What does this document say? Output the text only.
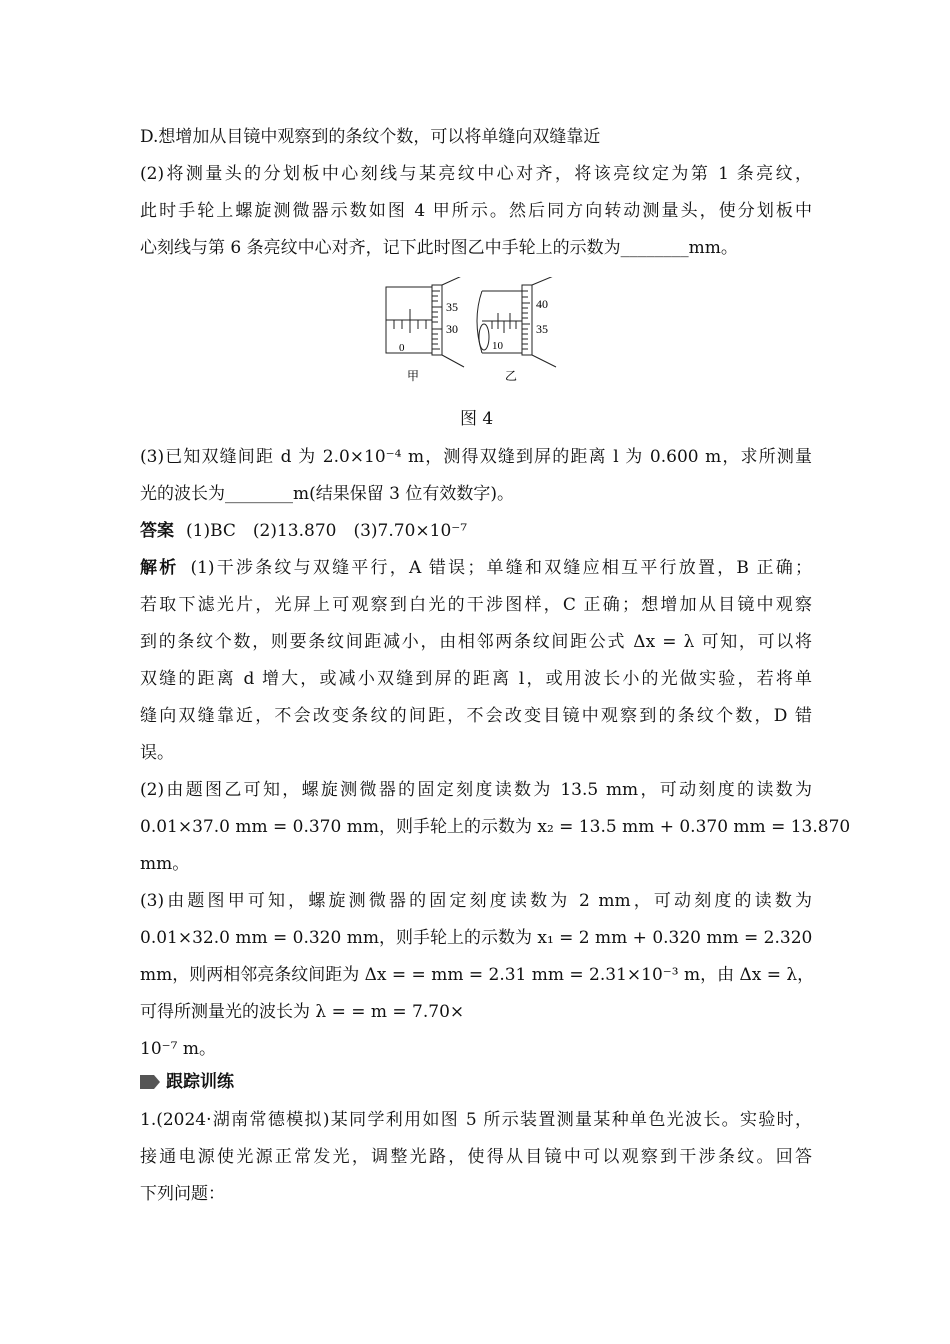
D.想增加从目镜中观察到的条纹个数，可以将单缝向双缝靠近
(2)将测量头的分划板中心刻线与某亮纹中心对齐，将该亮纹定为第 1 条亮纹，
此时手轮上螺旋测微器示数如图 4 甲所示。然后同方向转动测量头，使分划板中
心刻线与第 6 条亮纹中心对齐，记下此时图乙中手轮上的示数为________mm。
35
30
0
甲
40
35
10
乙
图 4
(3)已知双缝间距 d 为 2.0×10⁻⁴ m，测得双缝到屏的距离 l 为 0.600 m，求所测量
光的波长为________m(结果保留 3 位有效数字)。
答案 (1)BC　(2)13.870　(3)7.70×10⁻⁷
解析 (1)干涉条纹与双缝平行，A 错误；单缝和双缝应相互平行放置，B 正确；
若取下滤光片，光屏上可观察到白光的干涉图样，C 正确；想增加从目镜中观察
到的条纹个数，则要条纹间距减小，由相邻两条纹间距公式 Δx = λ 可知，可以将
双缝的距离 d 增大，或减小双缝到屏的距离 l，或用波长小的光做实验，若将单
缝向双缝靠近，不会改变条纹的间距，不会改变目镜中观察到的条纹个数，D 错
误。
(2)由题图乙可知，螺旋测微器的固定刻度读数为 13.5 mm，可动刻度的读数为
0.01×37.0 mm = 0.370 mm，则手轮上的示数为 x₂ = 13.5 mm + 0.370 mm = 13.870
mm。
(3)由题图甲可知，螺旋测微器的固定刻度读数为 2 mm，可动刻度的读数为
0.01×32.0 mm = 0.320 mm，则手轮上的示数为 x₁ = 2 mm + 0.320 mm = 2.320
mm，则两相邻亮条纹间距为 Δx = = mm = 2.31 mm = 2.31×10⁻³ m，由 Δx = λ，
可得所测量光的波长为 λ = = m = 7.70×
10⁻⁷ m。
跟踪训练
1.(2024·湖南常德模拟)某同学利用如图 5 所示装置测量某种单色光波长。实验时，
接通电源使光源正常发光，调整光路，使得从目镜中可以观察到干涉条纹。回答
下列问题：
